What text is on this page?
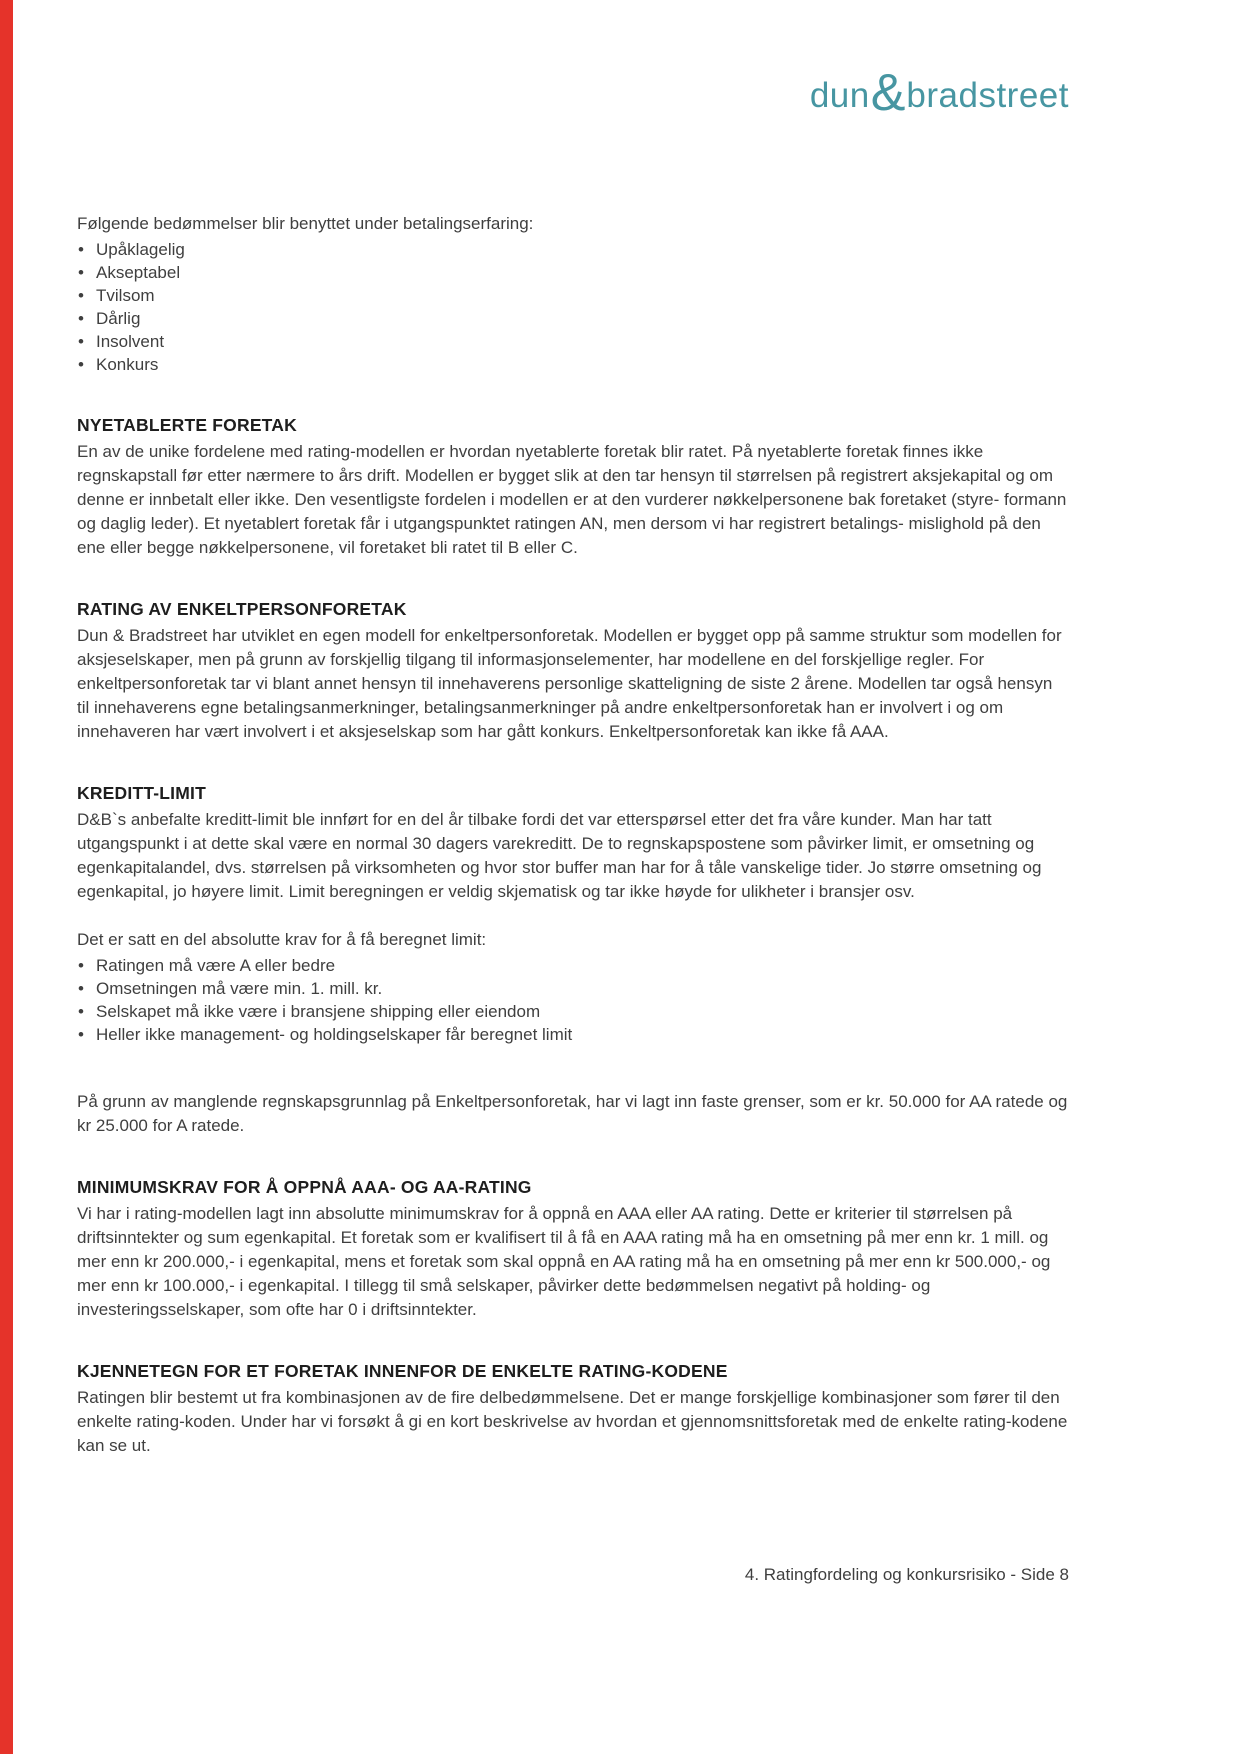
dun & bradstreet

Følgende bedømmelser blir benyttet under betalingserfaring:

• Upåklagelig
• Akseptabel
• Tvilsom
• Dårlig
• Insolvent
• Konkurs
NYETABLERTE FORETAK

En av de unike fordelene med rating-modellen er hvordan nyetablerte foretak blir ratet. På nyetablerte foretak finnes ikke regnskapstall før etter nærmere to års drift. Modellen er bygget slik at den tar hensyn til størrelsen på registrert aksjekapital og om denne er innbetalt eller ikke. Den vesentligste fordelen i modellen er at den vurderer nøkkelpersonene bak foretaket (styre- formann og daglig leder). Et nyetablert foretak får i utgangspunktet ratingen AN, men dersom vi har registrert betalings- mislighold på den ene eller begge nøkkelpersonene, vil foretaket bli ratet til B eller C.

RATING AV ENKELTPERSONFORETAK

Dun & Bradstreet har utviklet en egen modell for enkeltpersonforetak. Modellen er bygget opp på samme struktur som modellen for aksjeselskaper, men på grunn av forskjellig tilgang til informasjonselementer, har modellene en del forskjellige regler. For enkeltpersonforetak tar vi blant annet hensyn til innehaverens personlige skatteligning de siste 2 årene. Modellen tar også hensyn til innehaverens egne betalingsanmerkninger, betalingsanmerkninger på andre enkeltpersonforetak han er involvert i og om innehaveren har vært involvert i et aksjeselskap som har gått konkurs. Enkeltpersonforetak kan ikke få AAA.

KREDITT-LIMIT

D&B`s anbefalte kreditt-limit ble innført for en del år tilbake fordi det var etterspørsel etter det fra våre kunder. Man har tatt utgangspunkt i at dette skal være en normal 30 dagers varekreditt. De to regnskapspostene som påvirker limit, er omsetning og egenkapitalandel, dvs. størrelsen på virksomheten og hvor stor buffer man har for å tåle vanskelige tider. Jo større omsetning og egenkapital, jo høyere limit. Limit beregningen er veldig skjematisk og tar ikke høyde for ulikheter i bransjer osv.

Det er satt en del absolutte krav for å få beregnet limit:

• Ratingen må være A eller bedre
• Omsetningen må være min. 1. mill. kr.
• Selskapet må ikke være i bransjene shipping eller eiendom
• Heller ikke management- og holdingselskaper får beregnet limit

På grunn av manglende regnskapsgrunnlag på Enkeltpersonforetak, har vi lagt inn faste grenser, som er kr. 50.000 for AA ratede og kr 25.000 for A ratede.

MINIMUMSKRAV FOR Å OPPNÅ AAA- OG AA-RATING

Vi har i rating-modellen lagt inn absolutte minimumskrav for å oppnå en AAA eller AA rating. Dette er kriterier til størrelsen på driftsinntekter og sum egenkapital. Et foretak som er kvalifisert til å få en AAA rating må ha en omsetning på mer enn kr. 1 mill. og mer enn kr 200.000,- i egenkapital, mens et foretak som skal oppnå en AA rating må ha en omsetning på mer enn kr 500.000,- og mer enn kr 100.000,- i egenkapital. I tillegg til små selskaper, påvirker dette bedømmelsen negativt på holding- og investeringsselskaper, som ofte har 0 i driftsinntekter.

KJENNETEGN FOR ET FORETAK INNENFOR DE ENKELTE RATING-KODENE

Ratingen blir bestemt ut fra kombinasjonen av de fire delbedømmelsene. Det er mange forskjellige kombinasjoner som fører til den enkelte rating-koden. Under har vi forsøkt å gi en kort beskrivelse av hvordan et gjennomsnittsforetak med de enkelte rating-kodene kan se ut.

4. Ratingfordeling og konkursrisiko - Side 8
